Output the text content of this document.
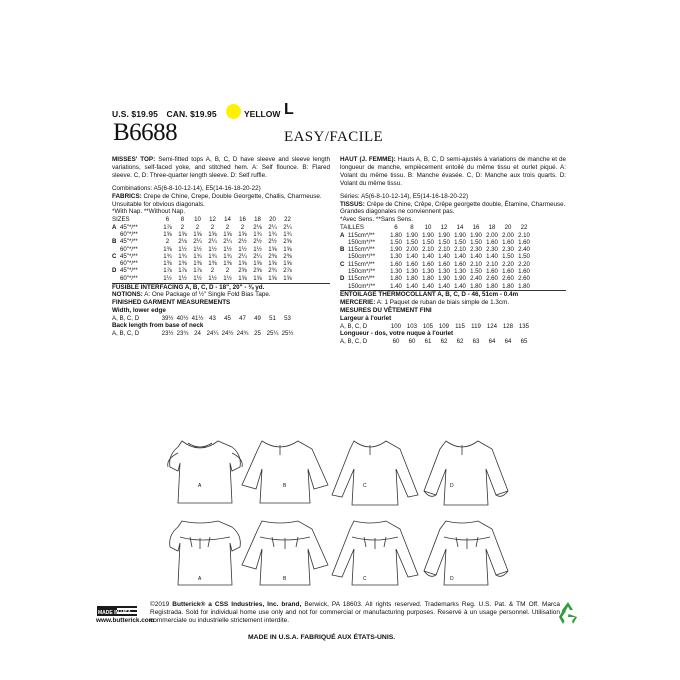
U.S. $19.95 CAN. $19.95	YELLOW L
B6688	EASY/FACILE
MISSES' TOP: Semi-fitted tops A, B, C, D have sleeve and sleeve length variations, self-faced yoke, and stitched hem. A: Self flounce. B: Flared sleeve. C, D: Three-quarter length sleeve. D: Self ruffle.
Combinations: A5(6-8-10-12-14), E5(14-16-18-20-22)
FABRICS: Crepe de Chine, Crepe, Double Georgette, Challis, Charmeuse.
Unsuitable for obvious diagonals.
*With Nap. **Without Nap.
SIZES		6	8	10	12	14	16	18	20	22
A	45"*/**	1⅞	2	2	2	2	2	2⅛	2¼	2¼
	60"*/**	1⅝	1⅝	1⅝	1⅝	1⅝	1⅝	1¾	1¾	1¾
B	45"*/**	2	2⅛	2¼	2¼	2¼	2½	2½	2½	2⅝
	60"*/**	1⅜	1½	1½	1½	1½	1½	1½	1⅝	1⅝
C	45"*/**	1¾	1¾	1¾	1¾	1¾	2¼	2¼	2⅜	2⅜
	60"*/**	1⅜	1⅜	1⅜	1⅜	1⅜	1⅝	1⅝	1⅝	1⅝
D	45"*/**	1⅞	1⅞	1⅞	2	2	2⅝	2⅝	2¾	2⅞
	60"*/**	1½	1½	1½	1½	1½	1⅝	1⅝	1⅝	1⅝
FUSIBLE INTERFACING A, B, C, D - 18", 20" - ⅜ yd.
NOTIONS: A: One Package of ½" Single Fold Bias Tape.
FINISHED GARMENT MEASUREMENTS
Width, lower edge
A, B, C, D	39½	40½	41½	43	45	47	49	51	53
Back length from base of neck
A, B, C, D	23½	23¾	24	24¼	24½	24¾	25	25¼	25½
HAUT (J. FEMME): Hauts A, B, C, D semi-ajustés à variations de manche et de longueur de manche, empiècement entoilé du même tissu et ourlet piqué. A: Volant du même tissu. B: Manche évasée. C, D: Manche aux trois quarts. D: Volant du même tissu.
Séries: A5(6-8-10-12-14), E5(14-16-18-20-22)
TISSUS: Crêpe de Chine, Crêpe, Crêpe georgette double, Étamine, Charmeuse.
Grandes diagonales ne conviennent pas.
*Avec Sens. **Sans Sens.
TAILLES		6	8	10	12	14	16	18	20	22
A	115cm*/**	1.80	1.90	1.90	1.90	1.90	1.90	2.00	2.00	2.10
	150cm*/**	1.50	1.50	1.50	1.50	1.50	1.50	1.60	1.60	1.60
B	115cm*/**	1.90	2.00	2.10	2.10	2.10	2.30	2.30	2.30	2.40
	150cm*/**	1.30	1.40	1.40	1.40	1.40	1.40	1.40	1.50	1.50
C	115cm*/**	1.60	1.60	1.60	1.60	1.60	2.10	2.10	2.20	2.20
	150cm*/**	1.30	1.30	1.30	1.30	1.30	1.50	1.60	1.60	1.60
D	115cm*/**	1.80	1.80	1.80	1.90	1.90	2.40	2.60	2.60	2.60
	150cm*/**	1.40	1.40	1.40	1.40	1.40	1.80	1.80	1.80	1.80
ENTOILAGE THERMOCOLLANT A, B, C, D - 46, 51cm - 0.4m
MERCERIE: A: 1 Paquet de ruban de biais simple de 1.3cm.
MESURES DU VÊTEMENT FINI
Largeur à l'ourlet
A, B, C, D	100	103	105	109	115	119	124	128	135
Longueur - dos, votre nuque à l'ourlet
A, B, C, D	60	60	61	62	62	63	64	64	65
A	B	C	D
A	B	C	D
MADE IN USA
www.butterick.com
©2019 Butterick® a CSS Industries, Inc. brand, Berwick, PA 18603. All rights reserved. Trademarks Reg. U.S. Pat. & TM Off. Marca Registrada. Sold for individual home use only and not for commercial or manufacturing purposes. Reservé à un usage personnel. Utilisation commerciale ou industrielle strictement interdite.
MADE IN U.S.A. FABRIQUÉ AUX ÉTATS-UNIS.
